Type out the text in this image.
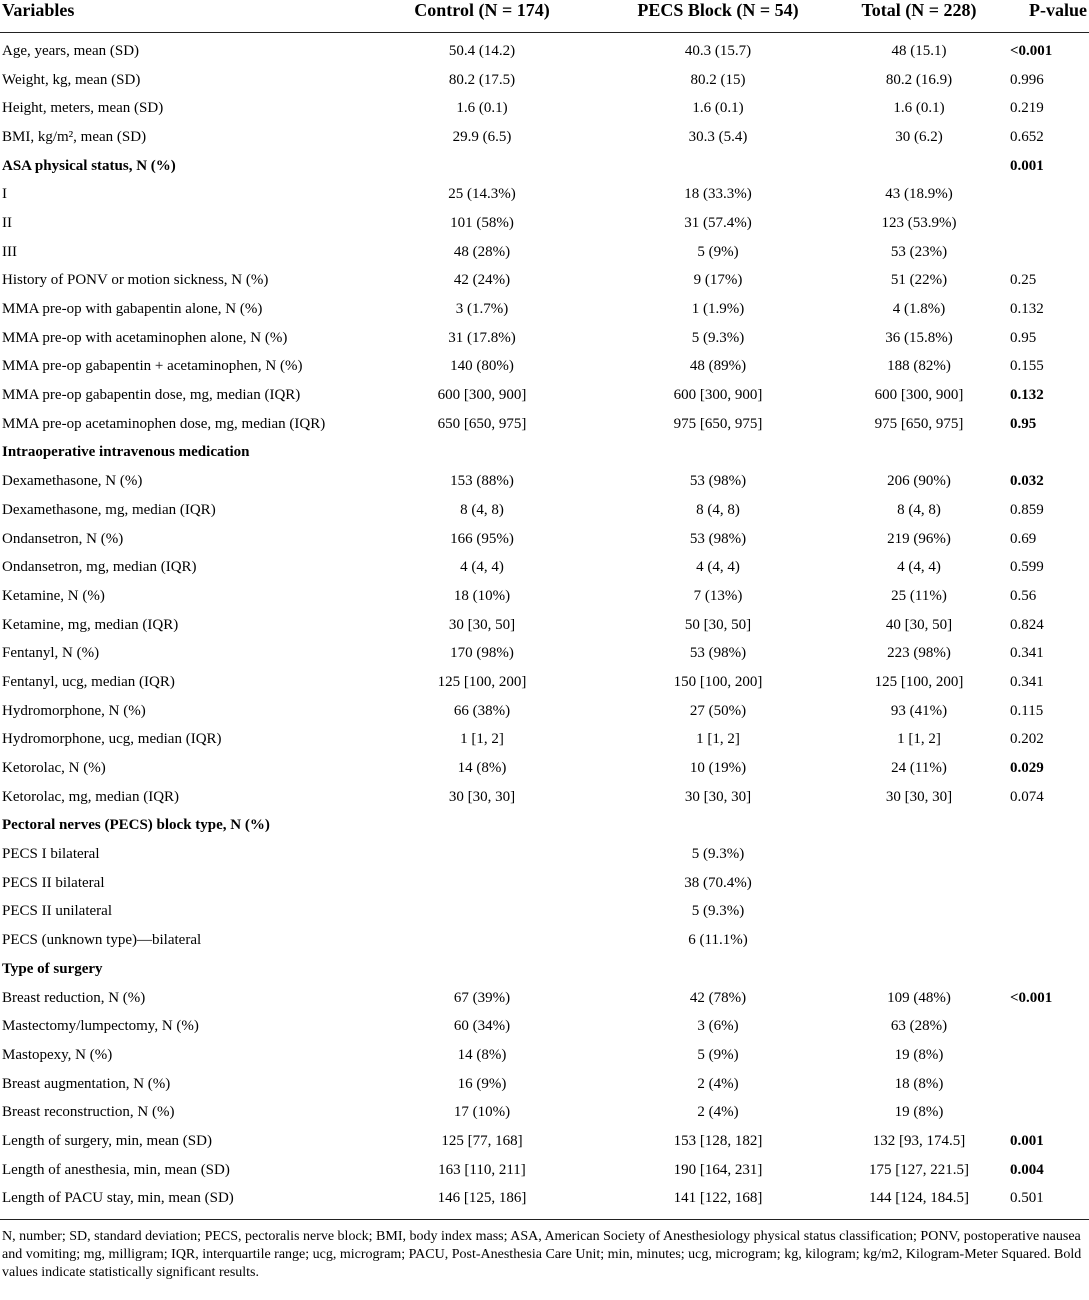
Variables	Control (N = 174)	PECS Block (N = 54)	Total (N = 228)	P-value
Age, years, mean (SD)	50.4 (14.2)	40.3 (15.7)	48 (15.1)	<0.001
Weight, kg, mean (SD)	80.2 (17.5)	80.2 (15)	80.2 (16.9)	0.996
Height, meters, mean (SD)	1.6 (0.1)	1.6 (0.1)	1.6 (0.1)	0.219
BMI, kg/m², mean (SD)	29.9 (6.5)	30.3 (5.4)	30 (6.2)	0.652
ASA physical status, N (%)				0.001
I	25 (14.3%)	18 (33.3%)	43 (18.9%)	
II	101 (58%)	31 (57.4%)	123 (53.9%)	
III	48 (28%)	5 (9%)	53 (23%)	
History of PONV or motion sickness, N (%)	42 (24%)	9 (17%)	51 (22%)	0.25
MMA pre-op with gabapentin alone, N (%)	3 (1.7%)	1 (1.9%)	4 (1.8%)	0.132
MMA pre-op with acetaminophen alone, N (%)	31 (17.8%)	5 (9.3%)	36 (15.8%)	0.95
MMA pre-op gabapentin + acetaminophen, N (%)	140 (80%)	48 (89%)	188 (82%)	0.155
MMA pre-op gabapentin dose, mg, median (IQR)	600 [300, 900]	600 [300, 900]	600 [300, 900]	0.132
MMA pre-op acetaminophen dose, mg, median (IQR)	650 [650, 975]	975 [650, 975]	975 [650, 975]	0.95
Intraoperative intravenous medication				
Dexamethasone, N (%)	153 (88%)	53 (98%)	206 (90%)	0.032
Dexamethasone, mg, median (IQR)	8 (4, 8)	8 (4, 8)	8 (4, 8)	0.859
Ondansetron, N (%)	166 (95%)	53 (98%)	219 (96%)	0.69
Ondansetron, mg, median (IQR)	4 (4, 4)	4 (4, 4)	4 (4, 4)	0.599
Ketamine, N (%)	18 (10%)	7 (13%)	25 (11%)	0.56
Ketamine, mg, median (IQR)	30 [30, 50]	50 [30, 50]	40 [30, 50]	0.824
Fentanyl, N (%)	170 (98%)	53 (98%)	223 (98%)	0.341
Fentanyl, ucg, median (IQR)	125 [100, 200]	150 [100, 200]	125 [100, 200]	0.341
Hydromorphone, N (%)	66 (38%)	27 (50%)	93 (41%)	0.115
Hydromorphone, ucg, median (IQR)	1 [1, 2]	1 [1, 2]	1 [1, 2]	0.202
Ketorolac, N (%)	14 (8%)	10 (19%)	24 (11%)	0.029
Ketorolac, mg, median (IQR)	30 [30, 30]	30 [30, 30]	30 [30, 30]	0.074
Pectoral nerves (PECS) block type, N (%)				
PECS I bilateral		5 (9.3%)		
PECS II bilateral		38 (70.4%)		
PECS II unilateral		5 (9.3%)		
PECS (unknown type)—bilateral		6 (11.1%)		
Type of surgery				
Breast reduction, N (%)	67 (39%)	42 (78%)	109 (48%)	<0.001
Mastectomy/lumpectomy, N (%)	60 (34%)	3 (6%)	63 (28%)	
Mastopexy, N (%)	14 (8%)	5 (9%)	19 (8%)	
Breast augmentation, N (%)	16 (9%)	2 (4%)	18 (8%)	
Breast reconstruction, N (%)	17 (10%)	2 (4%)	19 (8%)	
Length of surgery, min, mean (SD)	125 [77, 168]	153 [128, 182]	132 [93, 174.5]	0.001
Length of anesthesia, min, mean (SD)	163 [110, 211]	190 [164, 231]	175 [127, 221.5]	0.004
Length of PACU stay, min, mean (SD)	146 [125, 186]	141 [122, 168]	144 [124, 184.5]	0.501
N, number; SD, standard deviation; PECS, pectoralis nerve block; BMI, body index mass; ASA, American Society of Anesthesiology physical status classification; PONV, postoperative nausea and vomiting; mg, milligram; IQR, interquartile range; ucg, microgram; PACU, Post-Anesthesia Care Unit; min, minutes; ucg, microgram; kg, kilogram; kg/m2, Kilogram-Meter Squared. Bold values indicate statistically significant results.
